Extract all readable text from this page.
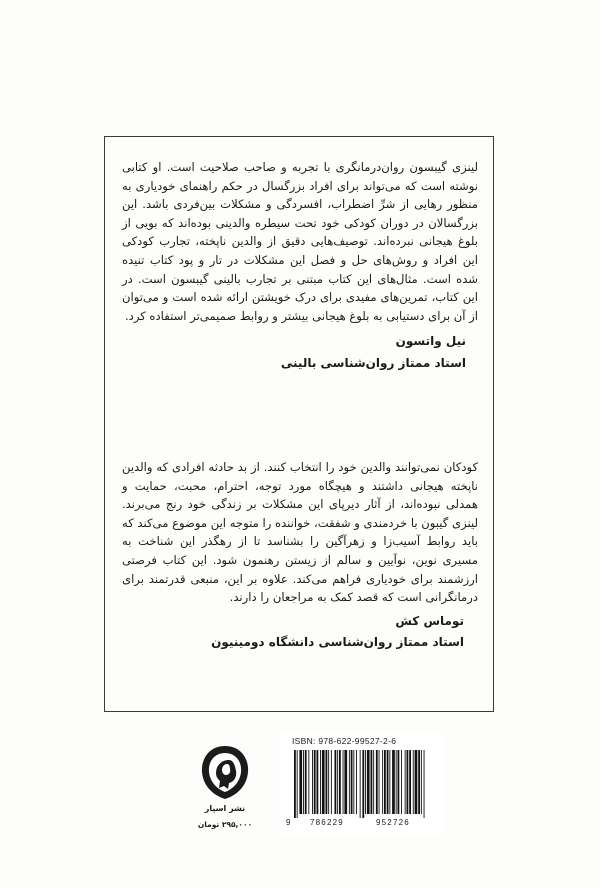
لینزی گیبسون روان‌درمانگری با تجربه و صاحب صلاحیت است. او کتابی نوشته است که می‌تواند برای افراد بزرگسال در حکم راهنمای خودیاری به منظور رهایی از شرِّ اضطراب، افسردگی و مشکلات بین‌فردی باشد. این بزرگسالان در دوران کودکی خود تحت سیطره والدینی بوده‌اند که بویی از بلوغ هیجانی نبرده‌اند. توصیف‌هایی دقیق از والدین ناپخته، تجارب کودکی این افراد و روش‌های حل و فصل این مشکلات در تار و پود کتاب تنیده شده است. مثال‌های این کتاب مبتنی بر تجارب بالینی گیبسون است. در این کتاب، تمرین‌های مفیدی برای درک خویشتن ارائه شده است و می‌توان از آن برای دستیابی به بلوغ هیجانی بیشتر و روابط صمیمی‌تر استفاده کرد.

نیل واتسون
استاد ممتاز روان‌شناسی بالینی

کودکان نمی‌توانند والدین خود را انتخاب کنند. از بد حادثه افرادی که والدین ناپخته هیجانی داشتند و هیچگاه مورد توجه، احترام، محبت، حمایت و همدلی نبوده‌اند، از آثار دیرپای این مشکلات بر زندگی خود رنج می‌برند. لینزی گیبون با خردمندی و شفقت، خواننده را متوجه این موضوع می‌کند که باید روابط آسیب‌زا و زهرآگین را بشناسد تا از رهگذر این شناخت به مسیری نوین، نوآیین و سالم از زیستن رهنمون شود. این کتاب فرصتی ارزشمند برای خودیاری فراهم می‌کند. علاوه بر این، منبعی قدرتمند برای درمانگرانی است که قصد کمک به مراجعان را دارند.

توماس کش
استاد ممتاز روان‌شناسی دانشگاه دومینیون
نشر اسپار
۲۹۵,۰۰۰ تومان
ISBN: 978-622-99527-2-6
9 786229	952726
